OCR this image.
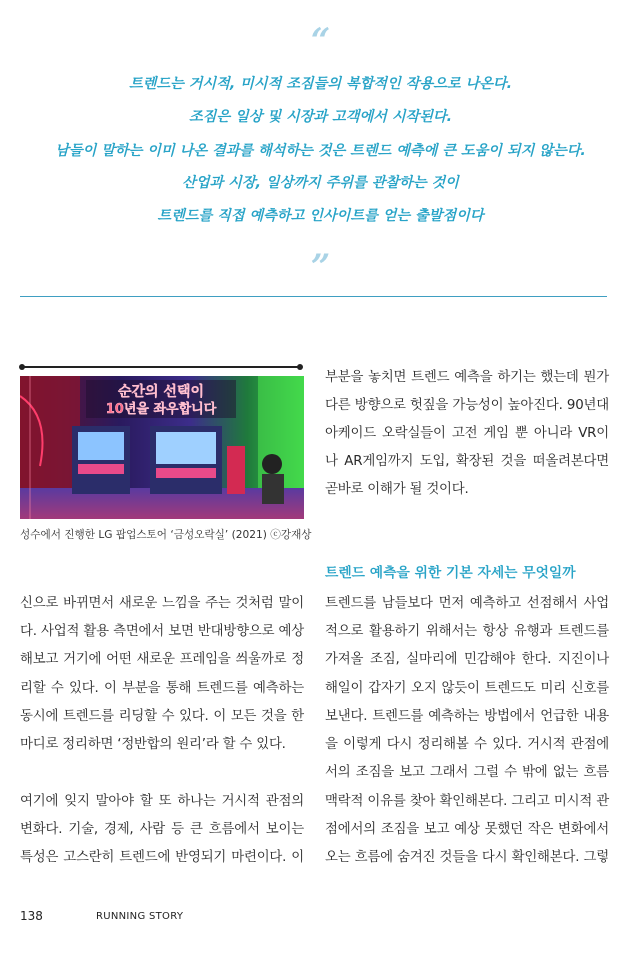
“
트렌드는 거시적, 미시적 조짐들의 복합적인 작용으로 나온다.
조짐은 일상 및 시장과 고객에서 시작된다.
남들이 말하는 이미 나온 결과를 해석하는 것은 트렌드 예측에 큰 도움이 되지 않는다.
산업과 시장, 일상까지 주위를 관찰하는 것이
트렌드를 직접 예측하고 인사이트를 얻는 출발점이다
”
순간의 선택이
10년을 좌우합니다
성수에서 진행한 LG 팝업스토어 ‘금성오락실’ (2021) ⓒ강재상
신으로 바뀌면서 새로운 느낌을 주는 것처럼 말이
다. 사업적 활용 측면에서 보면 반대방향으로 예상
해보고 거기에 어떤 새로운 프레임을 씌울까로 정
리할 수 있다. 이 부분을 통해 트렌드를 예측하는
동시에 트렌드를 리딩할 수 있다. 이 모든 것을 한
마디로 정리하면 ‘정반합의 원리’라 할 수 있다.
여기에 잊지 말아야 할 또 하나는 거시적 관점의
변화다. 기술, 경제, 사람 등 큰 흐름에서 보이는
특성은 고스란히 트렌드에 반영되기 마련이다. 이
부분을 놓치면 트렌드 예측을 하기는 했는데 뭔가
다른 방향으로 헛짚을 가능성이 높아진다. 90년대
아케이드 오락실들이 고전 게임 뿐 아니라 VR이
나 AR게임까지 도입, 확장된 것을 떠올려본다면
곧바로 이해가 될 것이다.
트렌드 예측을 위한 기본 자세는 무엇일까
트렌드를 남들보다 먼저 예측하고 선점해서 사업
적으로 활용하기 위해서는 항상 유행과 트렌드를
가져올 조짐, 실마리에 민감해야 한다. 지진이나
해일이 갑자기 오지 않듯이 트렌드도 미리 신호를
보낸다. 트렌드를 예측하는 방법에서 언급한 내용
을 이렇게 다시 정리해볼 수 있다. 거시적 관점에
서의 조짐을 보고 그래서 그럴 수 밖에 없는 흐름
맥락적 이유를 찾아 확인해본다. 그리고 미시적 관
점에서의 조짐을 보고 예상 못했던 작은 변화에서
오는 흐름에 숨겨진 것들을 다시 확인해본다. 그렇
138	RUNNING STORY
